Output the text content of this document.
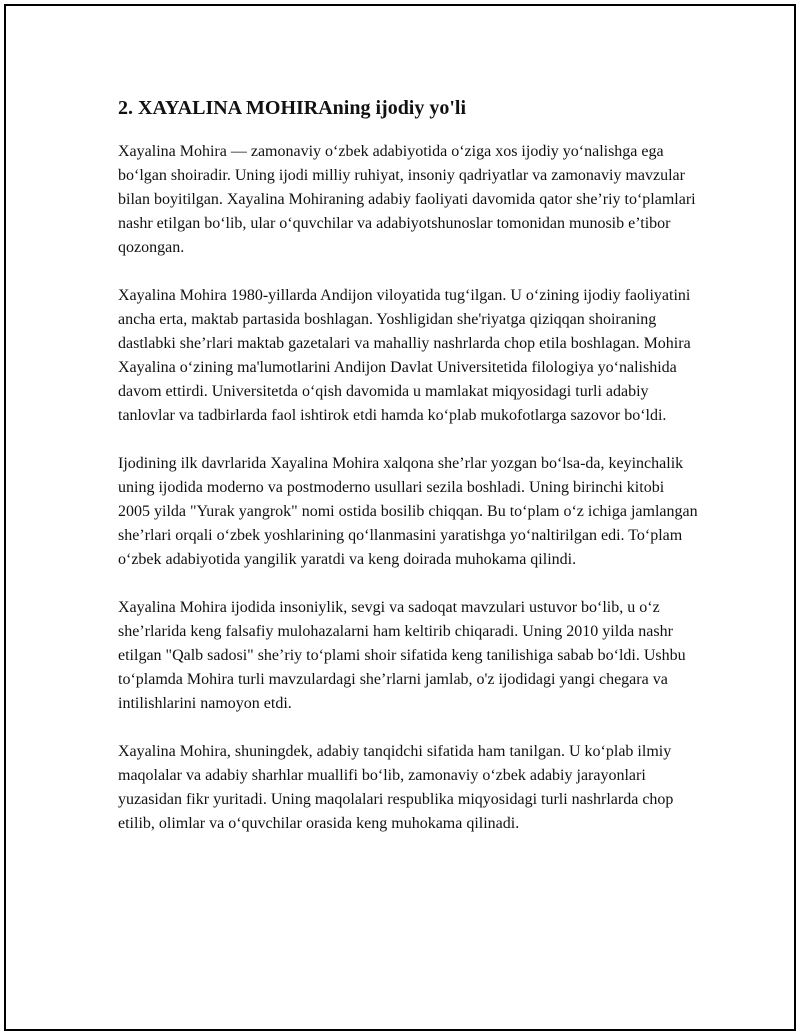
2. XAYALINA MOHIRAning ijodiy yo'li

Xayalina Mohira — zamonaviy o‘zbek adabiyotida o‘ziga xos ijodiy yo‘nalishga ega bo‘lgan shoiradir. Uning ijodi milliy ruhiyat, insoniy qadriyatlar va zamonaviy mavzular bilan boyitilgan. Xayalina Mohiraning adabiy faoliyati davomida qator she’riy to‘plamlari nashr etilgan bo‘lib, ular o‘quvchilar va adabiyotshunoslar tomonidan munosib e’tibor qozongan.

Xayalina Mohira 1980-yillarda Andijon viloyatida tug‘ilgan. U o‘zining ijodiy faoliyatini ancha erta, maktab partasida boshlagan. Yoshligidan she'riyatga qiziqqan shoiraning dastlabki she’rlari maktab gazetalari va mahalliy nashrlarda chop etila boshlagan. Mohira Xayalina o‘zining ma'lumotlarini Andijon Davlat Universitetida filologiya yo‘nalishida davom ettirdi. Universitetda o‘qish davomida u mamlakat miqyosidagi turli adabiy tanlovlar va tadbirlarda faol ishtirok etdi hamda ko‘plab mukofotlarga sazovor bo‘ldi.

Ijodining ilk davrlarida Xayalina Mohira xalqona she’rlar yozgan bo‘lsa-da, keyinchalik uning ijodida moderno va postmoderno usullari sezila boshladi. Uning birinchi kitobi 2005 yilda "Yurak yangrok" nomi ostida bosilib chiqqan. Bu to‘plam o‘z ichiga jamlangan she’rlari orqali o‘zbek yoshlarining qo‘llanmasini yaratishga yo‘naltirilgan edi. To‘plam o‘zbek adabiyotida yangilik yaratdi va keng doirada muhokama qilindi.

Xayalina Mohira ijodida insoniylik, sevgi va sadoqat mavzulari ustuvor bo‘lib, u o‘z she’rlarida keng falsafiy mulohazalarni ham keltirib chiqaradi. Uning 2010 yilda nashr etilgan "Qalb sadosi" she’riy to‘plami shoir sifatida keng tanilishiga sabab bo‘ldi. Ushbu to‘plamda Mohira turli mavzulardagi she’rlarni jamlab, o'z ijodidagi yangi chegara va intilishlarini namoyon etdi.

Xayalina Mohira, shuningdek, adabiy tanqidchi sifatida ham tanilgan. U ko‘plab ilmiy maqolalar va adabiy sharhlar muallifi bo‘lib, zamonaviy o‘zbek adabiy jarayonlari yuzasidan fikr yuritadi. Uning maqolalari respublika miqyosidagi turli nashrlarda chop etilib, olimlar va o‘quvchilar orasida keng muhokama qilinadi.
